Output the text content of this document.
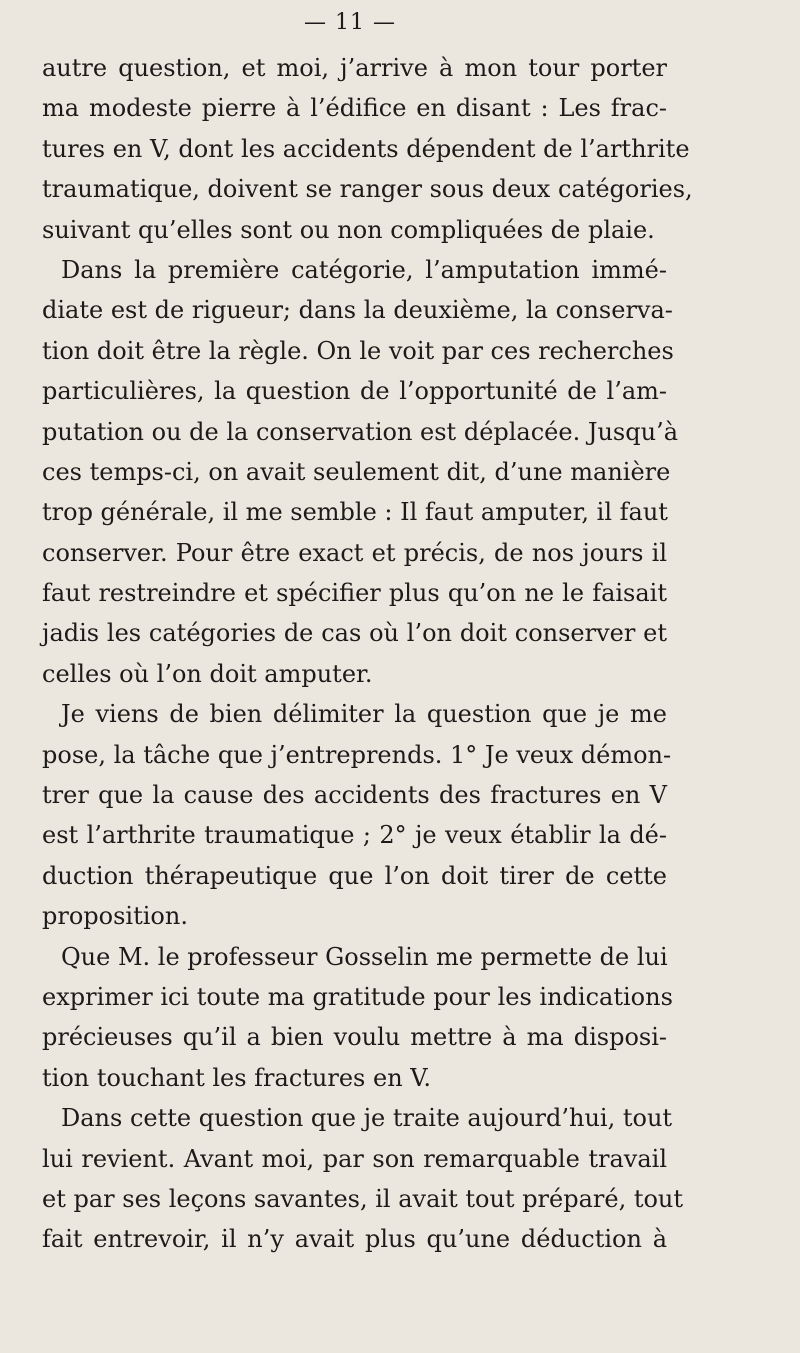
— 11 —
autre question, et moi, j’arrive à mon tour porter
ma modeste pierre à l’édifice en disant : Les frac-
tures en V, dont les accidents dépendent de l’arthrite
traumatique, doivent se ranger sous deux catégories,
suivant qu’elles sont ou non compliquées de plaie.
Dans la première catégorie, l’amputation immé-
diate est de rigueur; dans la deuxième, la conserva-
tion doit être la règle. On le voit par ces recherches
particulières, la question de l’opportunité de l’am-
putation ou de la conservation est déplacée. Jusqu’à
ces temps-ci, on avait seulement dit, d’une manière
trop générale, il me semble : Il faut amputer, il faut
conserver. Pour être exact et précis, de nos jours il
faut restreindre et spécifier plus qu’on ne le faisait
jadis les catégories de cas où l’on doit conserver et
celles où l’on doit amputer.
Je viens de bien délimiter la question que je me
pose, la tâche que j’entreprends. 1° Je veux démon-
trer que la cause des accidents des fractures en V
est l’arthrite traumatique ; 2° je veux établir la dé-
duction thérapeutique que l’on doit tirer de cette
proposition.
Que M. le professeur Gosselin me permette de lui
exprimer ici toute ma gratitude pour les indications
précieuses qu’il a bien voulu mettre à ma disposi-
tion touchant les fractures en V.
Dans cette question que je traite aujourd’hui, tout
lui revient. Avant moi, par son remarquable travail
et par ses leçons savantes, il avait tout préparé, tout
fait entrevoir, il n’y avait plus qu’une déduction à
